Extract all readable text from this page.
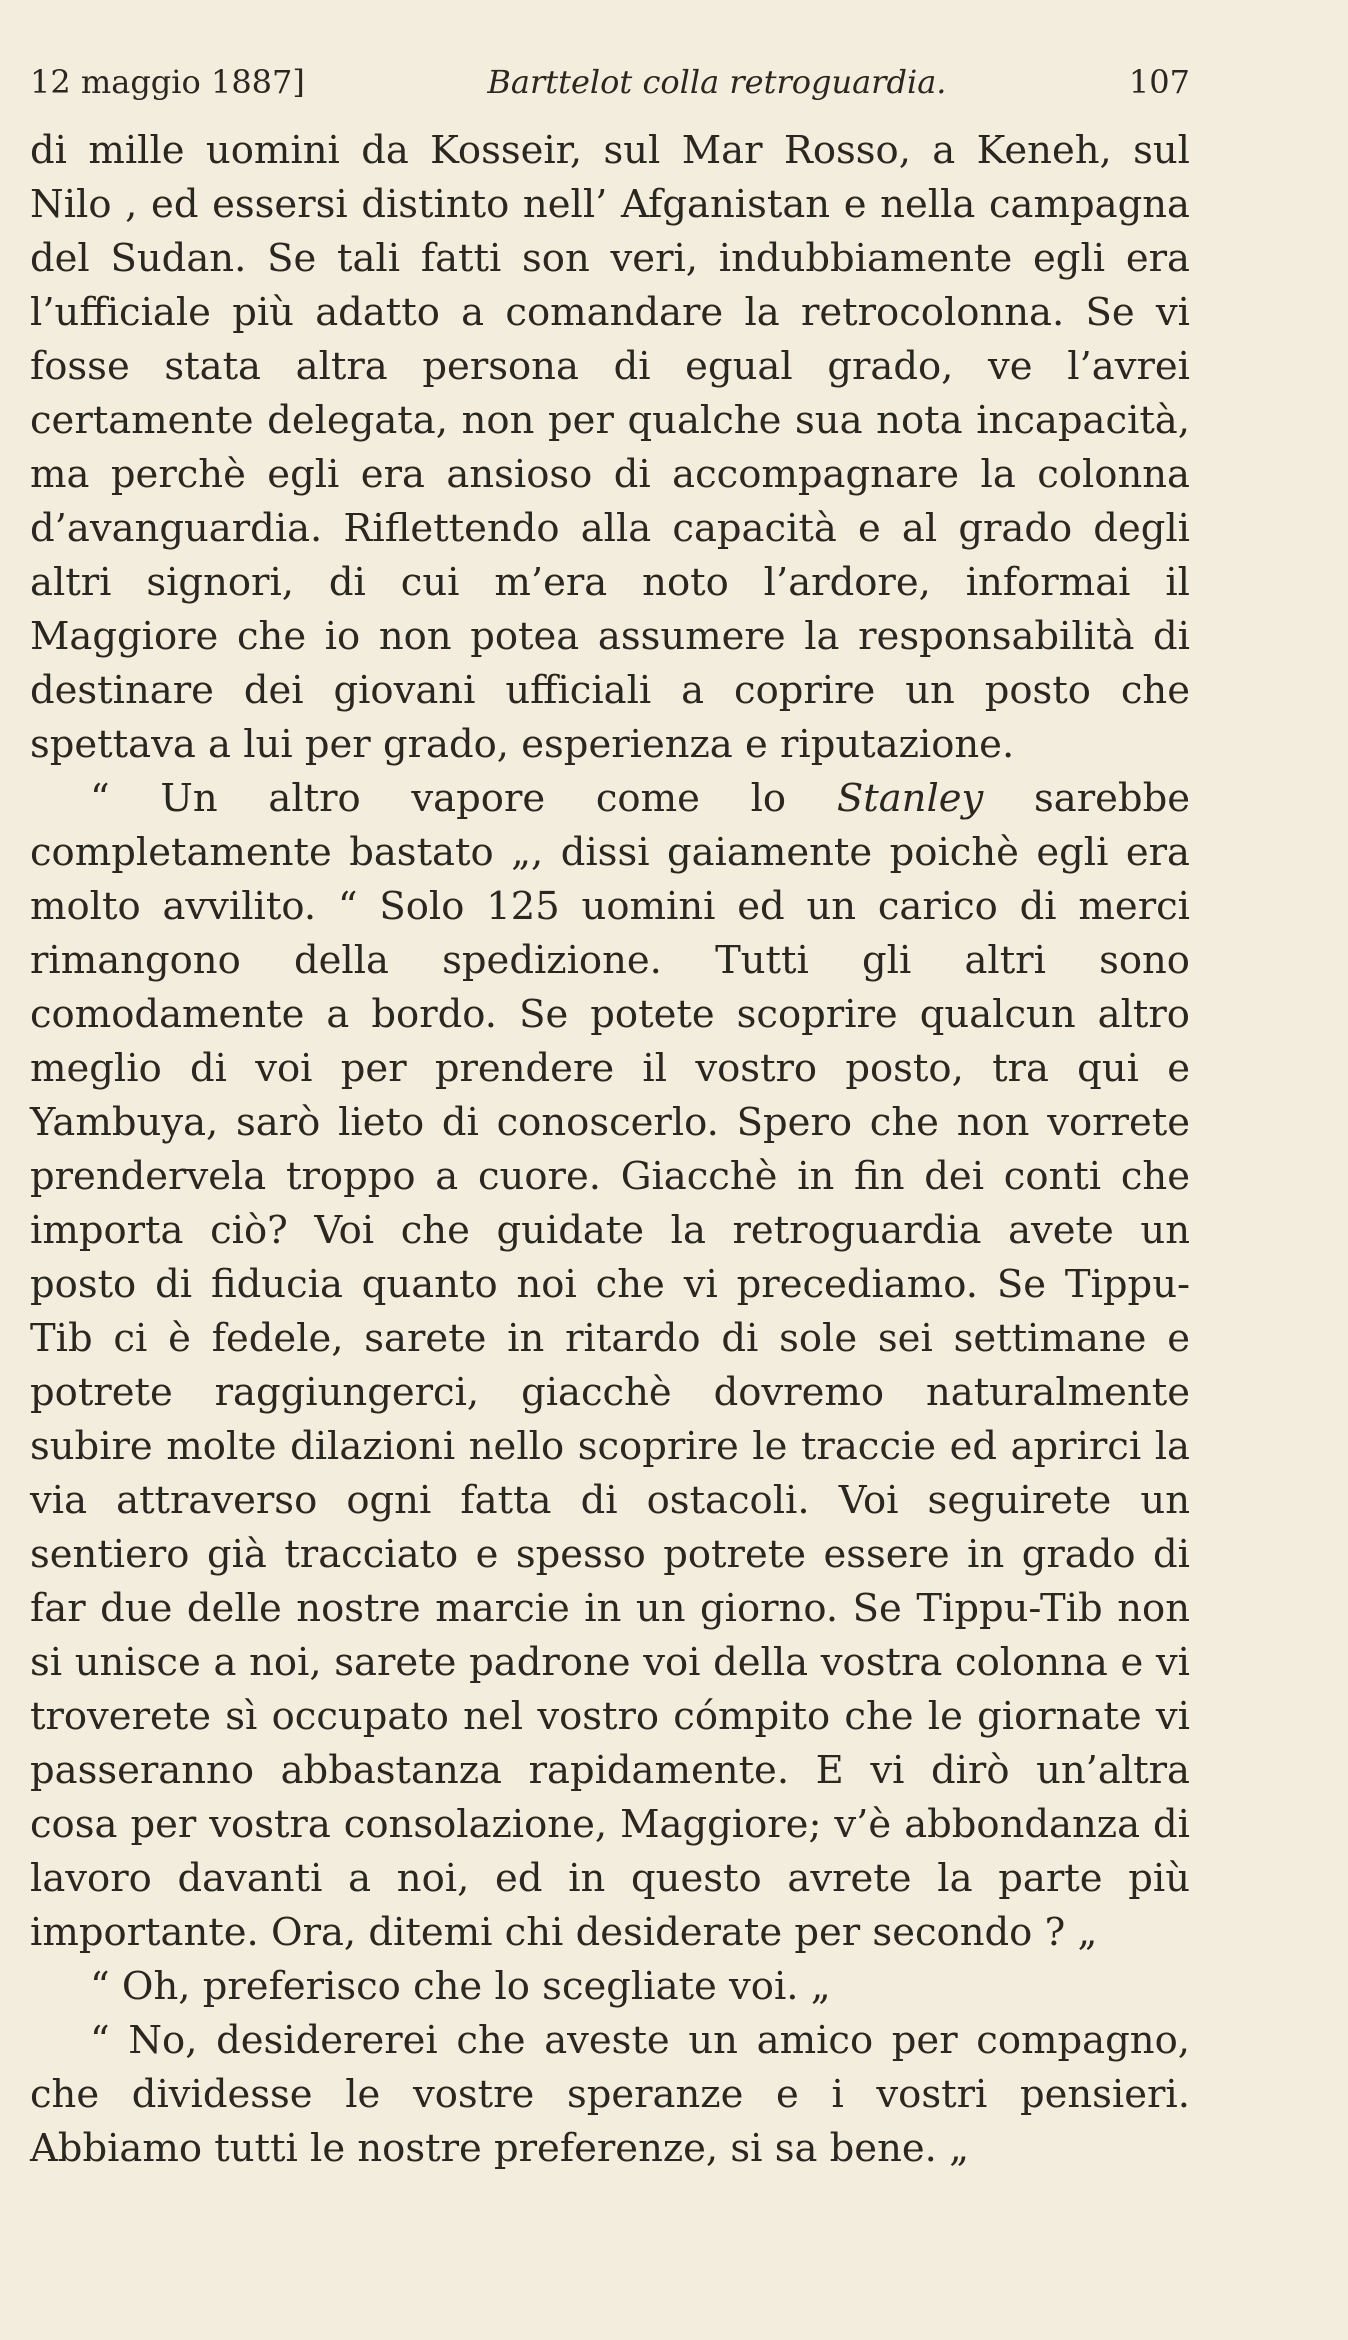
12 maggio 1887]	Barttelot colla retroguardia.	107

di mille uomini da Kosseir, sul Mar Rosso, a Keneh, sul Nilo , ed essersi distinto nell’ Afganistan e nella campagna del Sudan. Se tali fatti son veri, indubbiamente egli era l’ufficiale più adatto a comandare la retrocolonna. Se vi fosse stata altra persona di egual grado, ve l’avrei certamente delegata, non per qualche sua nota incapacità, ma perchè egli era ansioso di accompagnare la colonna d’avanguardia. Riflettendo alla capacità e al grado degli altri signori, di cui m’era noto l’ardore, informai il Maggiore che io non potea assumere la responsabilità di destinare dei giovani ufficiali a coprire un posto che spettava a lui per grado, esperienza e riputazione.

“ Un altro vapore come lo Stanley sarebbe completamente bastato „, dissi gaiamente poichè egli era molto avvilito. “ Solo 125 uomini ed un carico di merci rimangono della spedizione. Tutti gli altri sono comodamente a bordo. Se potete scoprire qualcun altro meglio di voi per prendere il vostro posto, tra qui e Yambuya, sarò lieto di conoscerlo. Spero che non vorrete prendervela troppo a cuore. Giacchè in fin dei conti che importa ciò? Voi che guidate la retroguardia avete un posto di fiducia quanto noi che vi precediamo. Se Tippu-Tib ci è fedele, sarete in ritardo di sole sei settimane e potrete raggiungerci, giacchè dovremo naturalmente subire molte dilazioni nello scoprire le traccie ed aprirci la via attraverso ogni fatta di ostacoli. Voi seguirete un sentiero già tracciato e spesso potrete essere in grado di far due delle nostre marcie in un giorno. Se Tippu-Tib non si unisce a noi, sarete padrone voi della vostra colonna e vi troverete sì occupato nel vostro cómpito che le giornate vi passeranno abbastanza rapidamente. E vi dirò un’altra cosa per vostra consolazione, Maggiore; v’è abbondanza di lavoro davanti a noi, ed in questo avrete la parte più importante. Ora, ditemi chi desiderate per secondo ? „

“ Oh, preferisco che lo scegliate voi. „

“ No, desidererei che aveste un amico per compagno, che dividesse le vostre speranze e i vostri pensieri. Abbiamo tutti le nostre preferenze, si sa bene. „
